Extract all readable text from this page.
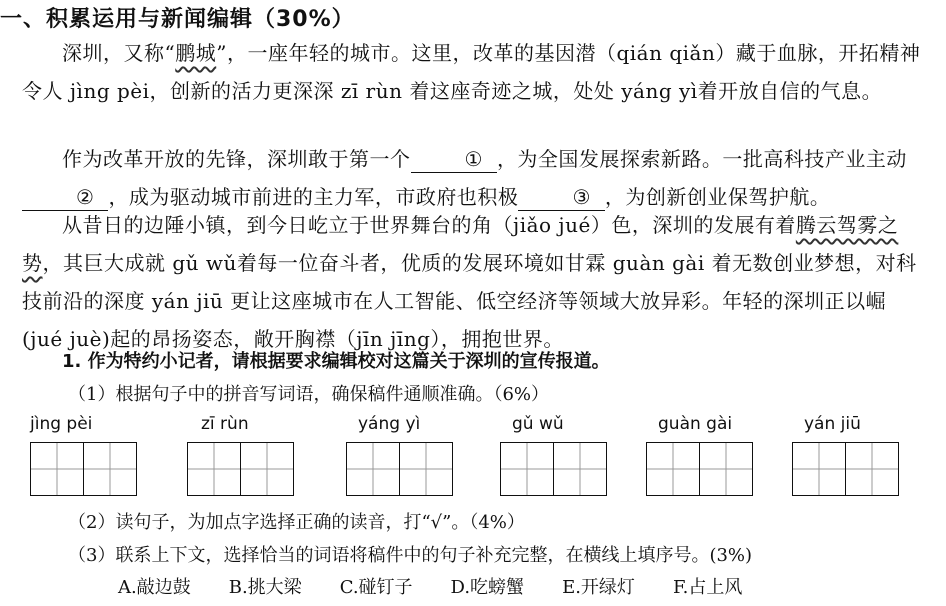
一、积累运用与新闻编辑（30%）
深圳，又称“鹏城”，一座年轻的城市。这里，改革的基因潜（qián qiǎn）藏于血脉，开拓精神令人 jìng pèi，创新的活力更深深 zī rùn 着这座奇迹之城，处处 yáng yì着开放自信的气息。
作为改革开放的先锋，深圳敢于第一个	① ，为全国发展探索新路。一批高科技产业主动② ，成为驱动城市前进的主力军，市政府也积极	③ ，为创新创业保驾护航。
从昔日的边陲小镇，到今日屹立于世界舞台的角（jiǎo jué）色，深圳的发展有着腾云驾雾之势，其巨大成就 gǔ wǔ着每一位奋斗者，优质的发展环境如甘霖 guàn gài 着无数创业梦想，对科技前沿的深度 yán jiū 更让这座城市在人工智能、低空经济等领域大放异彩。年轻的深圳正以崛(jué juè)起的昂扬姿态，敞开胸襟（jīn jīng），拥抱世界。
1. 作为特约小记者，请根据要求编辑校对这篇关于深圳的宣传报道。
（1）根据句子中的拼音写词语，确保稿件通顺准确。（6%）
jìng pèi	zī rùn	yáng yì	gǔ wǔ	guàn gài	yán jiū
（2）读句子，为加点字选择正确的读音，打“√”。（4%）
（3）联系上下文，选择恰当的词语将稿件中的句子补充完整，在横线上填序号。(3%)
A.敲边鼓 B.挑大梁 C.碰钉子 D.吃螃蟹 E.开绿灯 F.占上风
